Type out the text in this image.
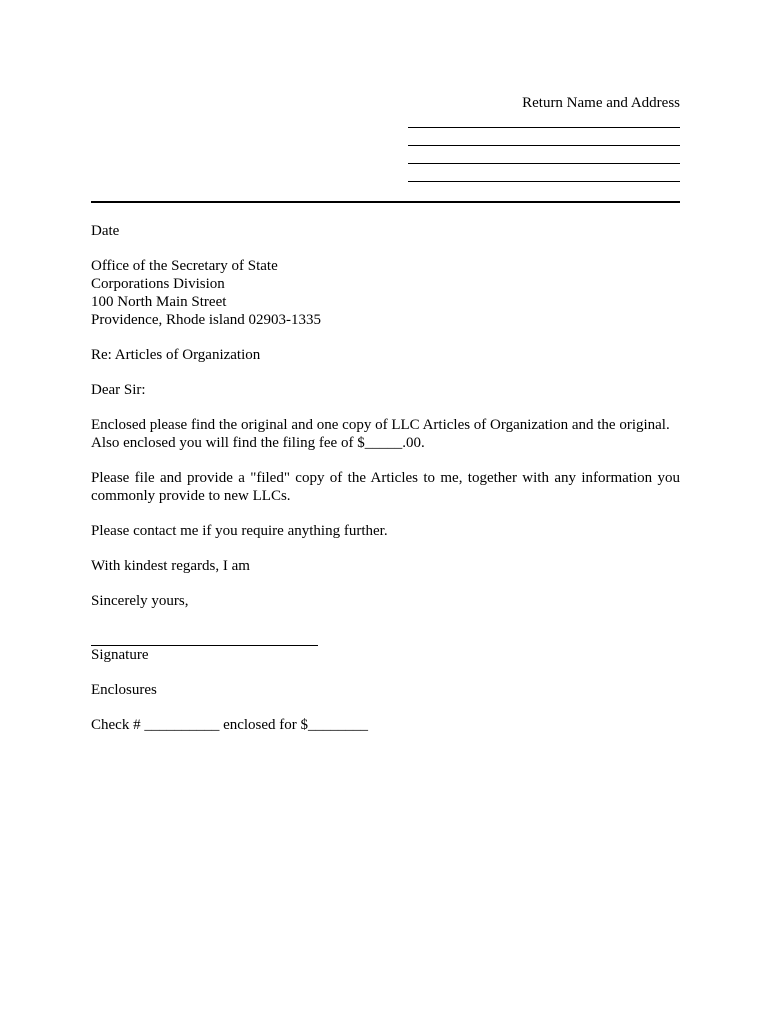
Return Name and Address

Date

Office of the Secretary of State

Corporations Division

100 North Main Street

Providence, Rhode island 02903-1335

Re: Articles of Organization

Dear Sir:

Enclosed please find the original and one copy of LLC Articles of Organization and the original.

Also enclosed you will find the filing fee of $_____.00.

Please file and provide a "filed" copy of the Articles to me, together with any information you commonly provide to new LLCs.

Please contact me if you require anything further.

With kindest regards, I am

Sincerely yours,

Signature

Enclosures

Check # __________ enclosed for $________
